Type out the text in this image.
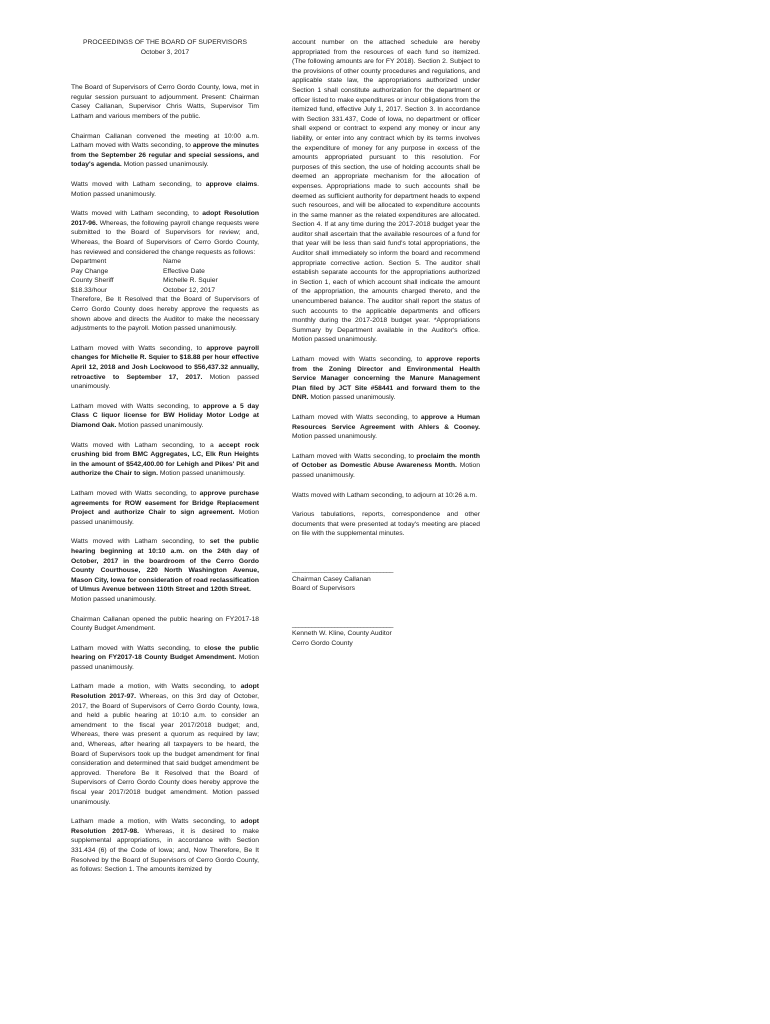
PROCEEDINGS OF THE BOARD OF SUPERVISORS
October 3, 2017

The Board of Supervisors of Cerro Gordo County, Iowa, met in regular session pursuant to adjournment. Present: Chairman Casey Callanan, Supervisor Chris Watts, Supervisor Tim Latham and various members of the public.

Chairman Callanan convened the meeting at 10:00 a.m. Latham moved with Watts seconding, to approve the minutes from the September 26 regular and special sessions, and today's agenda. Motion passed unanimously.

Watts moved with Latham seconding, to approve claims. Motion passed unanimously.

Watts moved with Latham seconding, to adopt Resolution 2017-96. Whereas, the following payroll change requests were submitted to the Board of Supervisors for review; and, Whereas, the Board of Supervisors of Cerro Gordo County, has reviewed and considered the change requests as follows:
Department	Name
Pay Change	Effective Date
County Sheriff	Michelle R. Squier
$18.33/hour	October 12, 2017
Therefore, Be It Resolved that the Board of Supervisors of Cerro Gordo County does hereby approve the requests as shown above and directs the Auditor to make the necessary adjustments to the payroll. Motion passed unanimously.

Latham moved with Watts seconding, to approve payroll changes for Michelle R. Squier to $18.88 per hour effective April 12, 2018 and Josh Lockwood to $56,437.32 annually, retroactive to September 17, 2017. Motion passed unanimously.

Latham moved with Watts seconding, to approve a 5 day Class C liquor license for BW Holiday Motor Lodge at Diamond Oak. Motion passed unanimously.

Watts moved with Latham seconding, to a accept rock crushing bid from BMC Aggregates, LC, Elk Run Heights in the amount of $542,400.00 for Lehigh and Pikes' Pit and authorize the Chair to sign. Motion passed unanimously.

Latham moved with Watts seconding, to approve purchase agreements for ROW easement for Bridge Replacement Project and authorize Chair to sign agreement. Motion passed unanimously.

Watts moved with Latham seconding, to set the public hearing beginning at 10:10 a.m. on the 24th day of October, 2017 in the boardroom of the Cerro Gordo County Courthouse, 220 North Washington Avenue, Mason City, Iowa for consideration of road reclassification of Ulmus Avenue between 110th Street and 120th Street.
Motion passed unanimously.

Chairman Callanan opened the public hearing on FY2017-18 County Budget Amendment.

Latham moved with Watts seconding, to close the public hearing on FY2017-18 County Budget Amendment. Motion passed unanimously.

Latham made a motion, with Watts seconding, to adopt Resolution 2017-97. Whereas, on this 3rd day of October, 2017, the Board of Supervisors of Cerro Gordo County, Iowa, and held a public hearing at 10:10 a.m. to consider an amendment to the fiscal year 2017/2018 budget; and, Whereas, there was present a quorum as required by law; and, Whereas, after hearing all taxpayers to be heard, the Board of Supervisors took up the budget amendment for final consideration and determined that said budget amendment be approved. Therefore Be It Resolved that the Board of Supervisors of Cerro Gordo County does hereby approve the fiscal year 2017/2018 budget amendment. Motion passed unanimously.

Latham made a motion, with Watts seconding, to adopt Resolution 2017-98. Whereas, it is desired to make supplemental appropriations, in accordance with Section 331.434 (6) of the Code of Iowa; and, Now Therefore, Be It Resolved by the Board of Supervisors of Cerro Gordo County, as follows: Section 1. The amounts itemized by

account number on the attached schedule are hereby appropriated from the resources of each fund so itemized. (The following amounts are for FY 2018). Section 2. Subject to the provisions of other county procedures and regulations, and applicable state law, the appropriations authorized under Section 1 shall constitute authorization for the department or officer listed to make expenditures or incur obligations from the itemized fund, effective July 1, 2017. Section 3. In accordance with Section 331.437, Code of Iowa, no department or officer shall expend or contract to expend any money or incur any liability, or enter into any contract which by its terms involves the expenditure of money for any purpose in excess of the amounts appropriated pursuant to this resolution. For purposes of this section, the use of holding accounts shall be deemed an appropriate mechanism for the allocation of expenses. Appropriations made to such accounts shall be deemed as sufficient authority for department heads to expend such resources, and will be allocated to expenditure accounts in the same manner as the related expenditures are allocated. Section 4. If at any time during the 2017-2018 budget year the auditor shall ascertain that the available resources of a fund for that year will be less than said fund's total appropriations, the Auditor shall immediately so inform the board and recommend appropriate corrective action. Section 5. The auditor shall establish separate accounts for the appropriations authorized in Section 1, each of which account shall indicate the amount of the appropriation, the amounts charged thereto, and the unencumbered balance. The auditor shall report the status of such accounts to the applicable departments and officers monthly during the 2017-2018 budget year. *Appropriations Summary by Department available in the Auditor's office. Motion passed unanimously.

Latham moved with Watts seconding, to approve reports from the Zoning Director and Environmental Health Service Manager concerning the Manure Management Plan filed by JCT Site #58441 and forward them to the DNR. Motion passed unanimously.

Latham moved with Watts seconding, to approve a Human Resources Service Agreement with Ahlers & Cooney. Motion passed unanimously.

Latham moved with Watts seconding, to proclaim the month of October as Domestic Abuse Awareness Month. Motion passed unanimously.

Watts moved with Latham seconding, to adjourn at 10:26 a.m.

Various tabulations, reports, correspondence and other documents that were presented at today's meeting are placed on file with the supplemental minutes.

_______________________________
Chairman Casey Callanan
Board of Supervisors
_______________________________
Kenneth W. Kline, County Auditor
Cerro Gordo County
